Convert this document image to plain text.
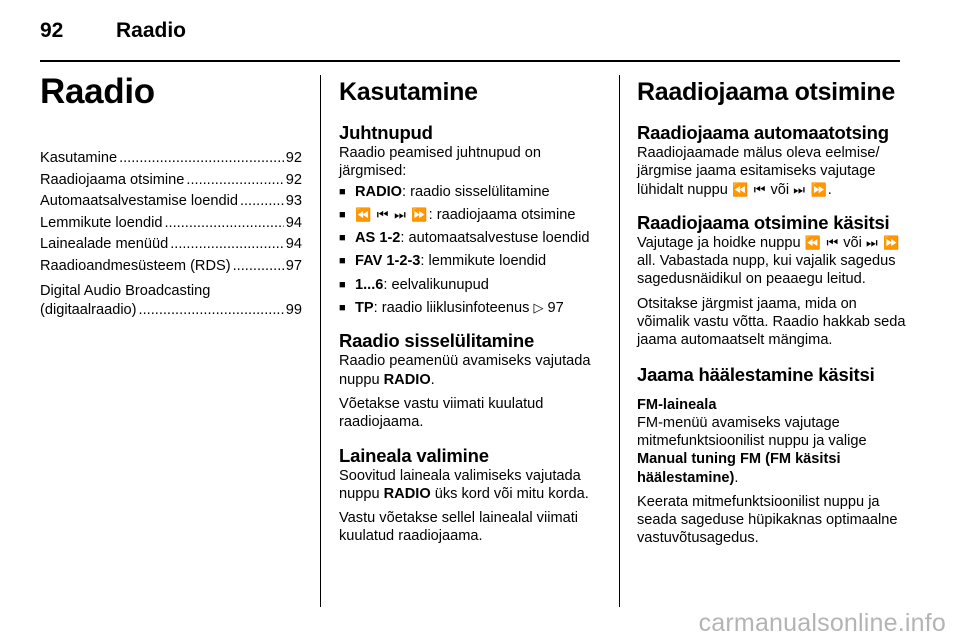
92	Raadio
Raadio
Kasutamine .....	92
Raadiojaama otsimine .....	92
Automaatsalvestamise loendid .....	93
Lemmikute loendid .....	94
Lainealade menüüd .....	94
Raadioandmesüsteem (RDS) .....	97
Digital Audio Broadcasting
(digitaalraadio) .....	99
Kasutamine
Juhtnupud

Raadio peamised juhtnupud on järgmised:

■ RADIO: raadio sisselülitamine
■ ⏪ ⏮ ⏭ ⏩: raadiojaama otsimine
■ AS 1-2: automaatsalvestuse loendid
■ FAV 1-2-3: lemmikute loendid
■ 1...6: eelvalikunupud
■ TP: raadio liiklusinfoteenus ▷ 97
Raadio sisselülitamine

Raadio peamenüü avamiseks vajutada nuppu RADIO.

Võetakse vastu viimati kuulatud raadiojaama.

Laineala valimine

Soovitud laineala valimiseks vajutada nuppu RADIO üks kord või mitu korda.

Vastu võetakse sellel lainealal viimati kuulatud raadiojaama.

Raadiojaama otsimine
Raadiojaama automaatotsing

Raadiojaamade mälus oleva eelmise/ järgmise jaama esitamiseks vajutage lühidalt nuppu ⏪ ⏮ või ⏭ ⏩.

Raadiojaama otsimine käsitsi

Vajutage ja hoidke nuppu ⏪ ⏮ või ⏭ ⏩ all. Vabastada nupp, kui vajalik sagedus sagedusnäidikul on peaaegu leitud.

Otsitakse järgmist jaama, mida on võimalik vastu võtta. Raadio hakkab seda jaama automaatselt mängima.

Jaama häälestamine käsitsi
FM-laineala

FM-menüü avamiseks vajutage mitmefunktsioonilist nuppu ja valige Manual tuning FM (FM käsitsi häälestamine).

Keerata mitmefunktsioonilist nuppu ja seada sageduse hüpikaknas optimaalne vastuvõtusagedus.

carmanualsonline.info
